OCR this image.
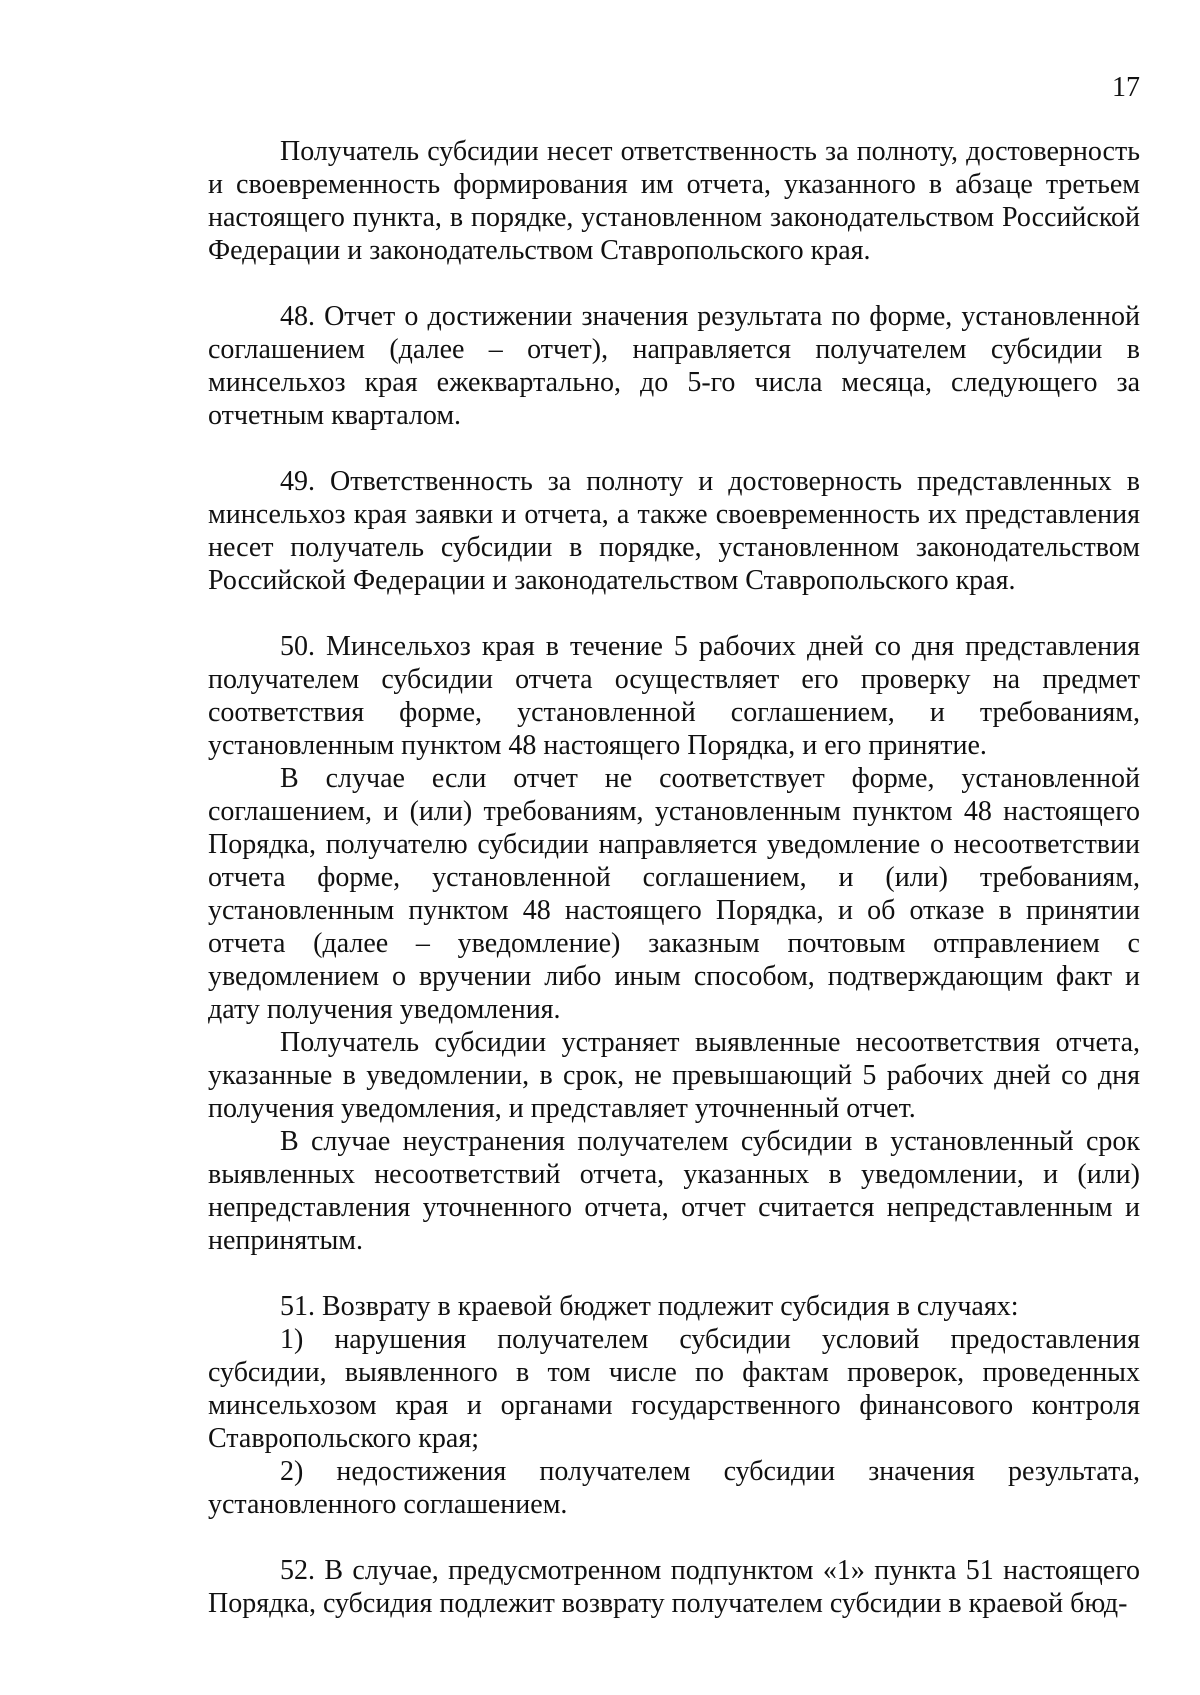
17

Получатель субсидии несет ответственность за полноту, достоверность и своевременность формирования им отчета, указанного в абзаце третьем настоящего пункта, в порядке, установленном законодательством Российской Федерации и законодательством Ставропольского края.

48. Отчет о достижении значения результата по форме, установленной соглашением (далее – отчет), направляется получателем субсидии в минсельхоз края ежеквартально, до 5-го числа месяца, следующего за отчетным кварталом.

49. Ответственность за полноту и достоверность представленных в минсельхоз края заявки и отчета, а также своевременность их представления несет получатель субсидии в порядке, установленном законодательством Российской Федерации и законодательством Ставропольского края.

50. Минсельхоз края в течение 5 рабочих дней со дня представления получателем субсидии отчета осуществляет его проверку на предмет соответствия форме, установленной соглашением, и требованиям, установленным пунктом 48 настоящего Порядка, и его принятие.

В случае если отчет не соответствует форме, установленной соглашением, и (или) требованиям, установленным пунктом 48 настоящего Порядка, получателю субсидии направляется уведомление о несоответствии отчета форме, установленной соглашением, и (или) требованиям, установленным пунктом 48 настоящего Порядка, и об отказе в принятии отчета (далее – уведомление) заказным почтовым отправлением с уведомлением о вручении либо иным способом, подтверждающим факт и дату получения уведомления.

Получатель субсидии устраняет выявленные несоответствия отчета, указанные в уведомлении, в срок, не превышающий 5 рабочих дней со дня получения уведомления, и представляет уточненный отчет.

В случае неустранения получателем субсидии в установленный срок выявленных несоответствий отчета, указанных в уведомлении, и (или) непредставления уточненного отчета, отчет считается непредставленным и непринятым.

51. Возврату в краевой бюджет подлежит субсидия в случаях:

1) нарушения получателем субсидии условий предоставления субсидии, выявленного в том числе по фактам проверок, проведенных минсельхозом края и органами государственного финансового контроля Ставропольского края;

2) недостижения получателем субсидии значения результата, установленного соглашением.

52. В случае, предусмотренном подпунктом «1» пункта 51 настоящего Порядка, субсидия подлежит возврату получателем субсидии в краевой бюд-
